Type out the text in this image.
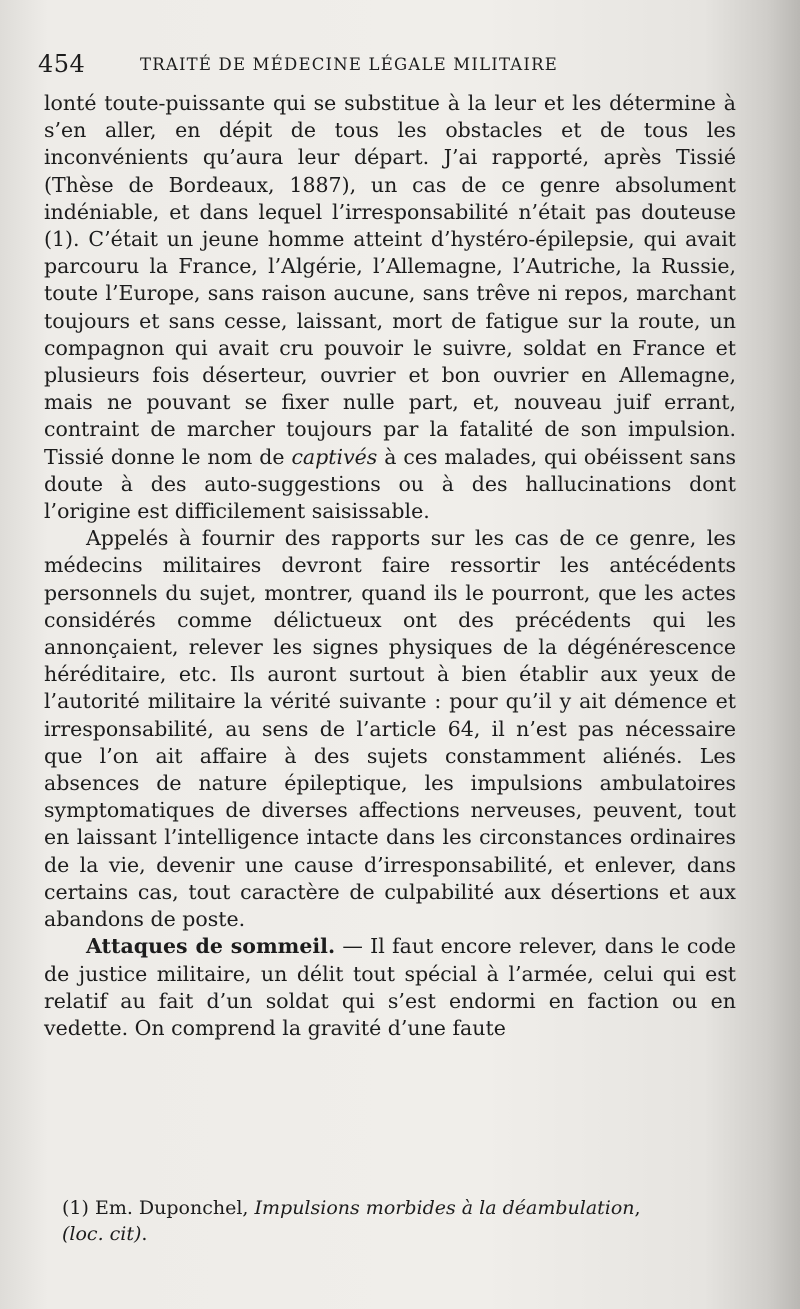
454	TRAITÉ DE MÉDECINE LÉGALE MILITAIRE

lonté toute-puissante qui se substitue à la leur et les détermine à s’en aller, en dépit de tous les obstacles et de tous les inconvénients qu’aura leur départ. J’ai rapporté, après Tissié (Thèse de Bordeaux, 1887), un cas de ce genre absolument indéniable, et dans lequel l’irresponsabilité n’était pas douteuse (1). C’était un jeune homme atteint d’hystéro-épilepsie, qui avait parcouru la France, l’Algérie, l’Allemagne, l’Autriche, la Russie, toute l’Europe, sans raison aucune, sans trêve ni repos, marchant toujours et sans cesse, laissant, mort de fatigue sur la route, un compagnon qui avait cru pouvoir le suivre, soldat en France et plusieurs fois déserteur, ouvrier et bon ouvrier en Allemagne, mais ne pouvant se fixer nulle part, et, nouveau juif errant, contraint de marcher toujours par la fatalité de son impulsion. Tissié donne le nom de captivés à ces malades, qui obéissent sans doute à des auto-suggestions ou à des hallucinations dont l’origine est difficilement saisissable.

Appelés à fournir des rapports sur les cas de ce genre, les médecins militaires devront faire ressortir les antécédents personnels du sujet, montrer, quand ils le pourront, que les actes considérés comme délictueux ont des précédents qui les annonçaient, relever les signes physiques de la dégénérescence héréditaire, etc. Ils auront surtout à bien établir aux yeux de l’autorité militaire la vérité suivante : pour qu’il y ait démence et irresponsabilité, au sens de l’article 64, il n’est pas nécessaire que l’on ait affaire à des sujets constamment aliénés. Les absences de nature épileptique, les impulsions ambulatoires symptomatiques de diverses affections nerveuses, peuvent, tout en laissant l’intelligence intacte dans les circonstances ordinaires de la vie, devenir une cause d’irresponsabilité, et enlever, dans certains cas, tout caractère de culpabilité aux désertions et aux abandons de poste.

Attaques de sommeil. — Il faut encore relever, dans le code de justice militaire, un délit tout spécial à l’armée, celui qui est relatif au fait d’un soldat qui s’est endormi en faction ou en vedette. On comprend la gravité d’une faute

(1) Em. Duponchel, Impulsions morbides à la déambulation,
(loc. cit).
